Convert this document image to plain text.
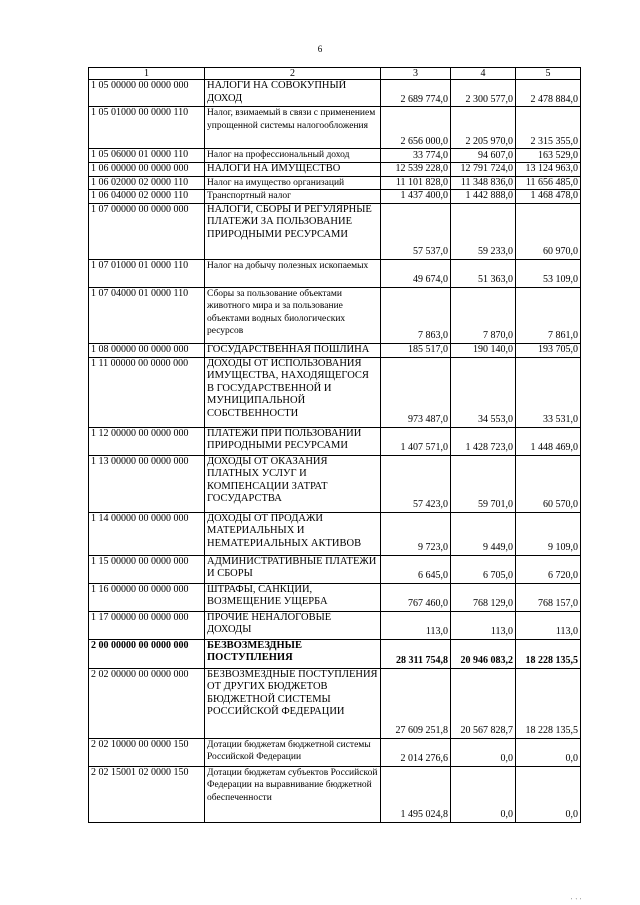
6
1	2	3	4	5
1 05 00000 00 0000 000	НАЛОГИ НА СОВОКУПНЫЙ ДОХОД	2 689 774,0	2 300 577,0	2 478 884,0
1 05 01000 00 0000 110	Налог, взимаемый в связи с применением упрощенной системы налогообложения	2 656 000,0	2 205 970,0	2 315 355,0
1 05 06000 01 0000 110	Налог на профессиональный доход	33 774,0	94 607,0	163 529,0
1 06 00000 00 0000 000	НАЛОГИ НА ИМУЩЕСТВО	12 539 228,0	12 791 724,0	13 124 963,0
1 06 02000 02 0000 110	Налог на имущество организаций	11 101 828,0	11 348 836,0	11 656 485,0
1 06 04000 02 0000 110	Транспортный налог	1 437 400,0	1 442 888,0	1 468 478,0
1 07 00000 00 0000 000	НАЛОГИ, СБОРЫ И РЕГУЛЯРНЫЕ ПЛАТЕЖИ ЗА ПОЛЬЗОВАНИЕ ПРИРОДНЫМИ РЕСУРСАМИ	57 537,0	59 233,0	60 970,0
1 07 01000 01 0000 110	Налог на добычу полезных ископаемых	49 674,0	51 363,0	53 109,0
1 07 04000 01 0000 110	Сборы за пользование объектами животного мира и за пользование объектами водных биологических ресурсов	7 863,0	7 870,0	7 861,0
1 08 00000 00 0000 000	ГОСУДАРСТВЕННАЯ ПОШЛИНА	185 517,0	190 140,0	193 705,0
1 11 00000 00 0000 000	ДОХОДЫ ОТ ИСПОЛЬЗОВАНИЯ ИМУЩЕСТВА, НАХОДЯЩЕГОСЯ В ГОСУДАРСТВЕННОЙ И МУНИЦИПАЛЬНОЙ СОБСТВЕННОСТИ	973 487,0	34 553,0	33 531,0
1 12 00000 00 0000 000	ПЛАТЕЖИ ПРИ ПОЛЬЗОВАНИИ ПРИРОДНЫМИ РЕСУРСАМИ	1 407 571,0	1 428 723,0	1 448 469,0
1 13 00000 00 0000 000	ДОХОДЫ ОТ ОКАЗАНИЯ ПЛАТНЫХ УСЛУГ И КОМПЕНСАЦИИ ЗАТРАТ ГОСУДАРСТВА	57 423,0	59 701,0	60 570,0
1 14 00000 00 0000 000	ДОХОДЫ ОТ ПРОДАЖИ МАТЕРИАЛЬНЫХ И НЕМАТЕРИАЛЬНЫХ АКТИВОВ	9 723,0	9 449,0	9 109,0
1 15 00000 00 0000 000	АДМИНИСТРАТИВНЫЕ ПЛАТЕЖИ И СБОРЫ	6 645,0	6 705,0	6 720,0
1 16 00000 00 0000 000	ШТРАФЫ, САНКЦИИ, ВОЗМЕЩЕНИЕ УЩЕРБА	767 460,0	768 129,0	768 157,0
1 17 00000 00 0000 000	ПРОЧИЕ НЕНАЛОГОВЫЕ ДОХОДЫ	113,0	113,0	113,0
2 00 00000 00 0000 000	БЕЗВОЗМЕЗДНЫЕ ПОСТУПЛЕНИЯ	28 311 754,8	20 946 083,2	18 228 135,5
2 02 00000 00 0000 000	БЕЗВОЗМЕЗДНЫЕ ПОСТУПЛЕНИЯ ОТ ДРУГИХ БЮДЖЕТОВ БЮДЖЕТНОЙ СИСТЕМЫ РОССИЙСКОЙ ФЕДЕРАЦИИ	27 609 251,8	20 567 828,7	18 228 135,5
2 02 10000 00 0000 150	Дотации бюджетам бюджетной системы Российской Федерации	2 014 276,6	0,0	0,0
2 02 15001 02 0000 150	Дотации бюджетам субъектов Российской Федерации на выравнивание бюджетной обеспеченности	1 495 024,8	0,0	0,0
' ' '
